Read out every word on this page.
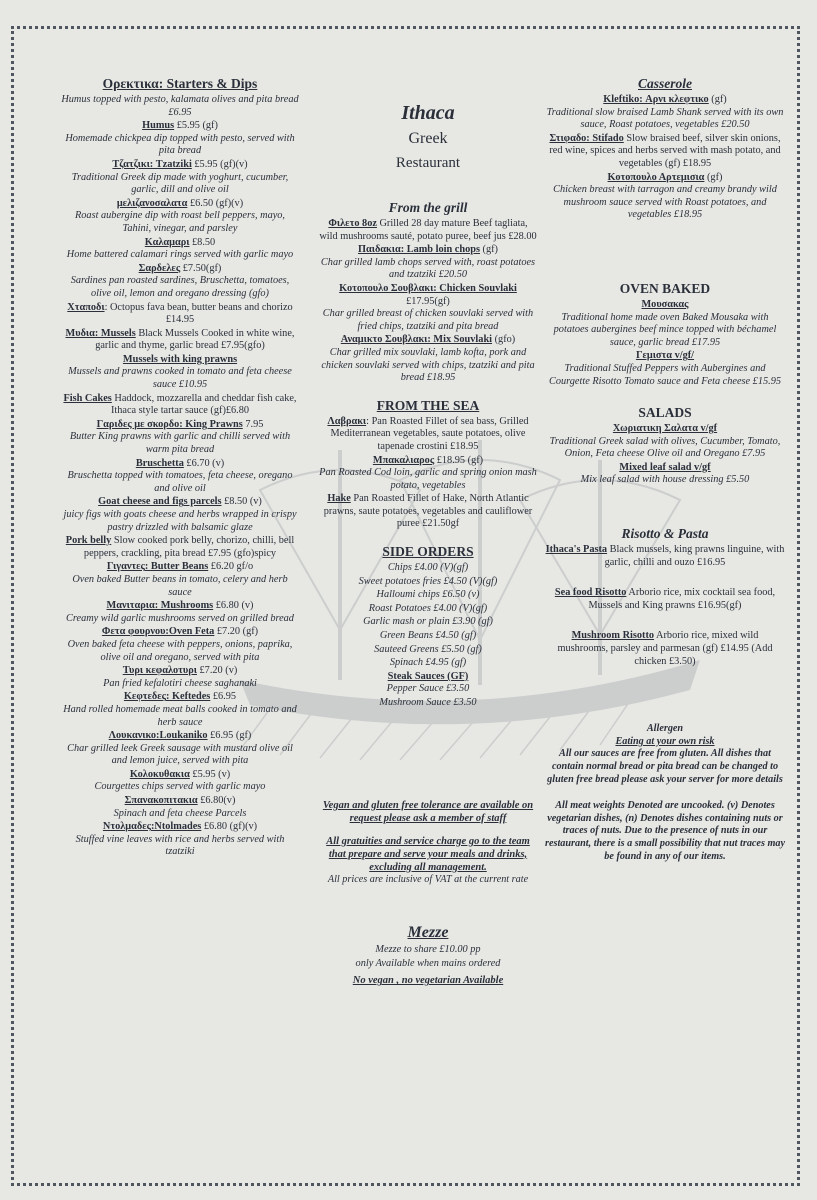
Ορεκτικα: Starters & Dips
Humus topped with pesto, kalamata olives and pita bread £6.95
Humus £5.95 (gf)
Homemade chickpea dip topped with pesto, served with pita bread
Τζατζικι: Tzatziki £5.95 (gf)(v)
Traditional Greek dip made with yoghurt, cucumber, garlic, dill and olive oil
μελιζανοσαλατα £6.50 (gf)(v)
Roast aubergine dip with roast bell peppers, mayo, Tahini, vinegar, and parsley
Καλαμαρι £8.50
Home battered calamari rings served with garlic mayo
Σαρδελες £7.50(gf)
Sardines pan roasted sardines, Bruschetta, tomatoes, olive oil, lemon and oregano dressing (gfo)
Χταποδι: Octopus fava bean, butter beans and chorizo £14.95
Μυδια: Mussels Black Mussels Cooked in white wine, garlic and thyme, garlic bread £7.95(gfo)
Mussels with king prawns
Mussels and prawns cooked in tomato and feta cheese sauce £10.95
Fish Cakes Haddock, mozzarella and cheddar fish cake, Ithaca style tartar sauce (gf)£6.80
Γαριδες με σκορδο: King Prawns 7.95
Butter King prawns with garlic and chilli served with warm pita bread
Bruschetta £6.70 (v)
Bruschetta topped with tomatoes, feta cheese, oregano and olive oil
Goat cheese and figs parcels £8.50 (v)
juicy figs with goats cheese and herbs wrapped in crispy pastry drizzled with balsamic glaze
Pork belly Slow cooked pork belly, chorizo, chilli, bell peppers, crackling, pita bread £7.95 (gfo)spicy
Γιγαντες: Butter Beans £6.20 gf/o
Oven baked Butter beans in tomato, celery and herb sauce
Μανιταρια: Mushrooms £6.80 (v)
Creamy wild garlic mushrooms served on grilled bread
Φετα φουρνου:Oven Feta £7.20 (gf)
Oven baked feta cheese with peppers, onions, paprika, olive oil and oregano, served with pita
Τυρι κεφαλοτυρι £7.20 (v)
Pan fried kefalotiri cheese saghanaki
Κεφτεδες: Keftedes £6.95
Hand rolled homemade meat balls cooked in tomato and herb sauce
Λουκανικο:Loukaniko £6.95 (gf)
Char grilled leek Greek sausage with mustard olive oil and lemon juice, served with pita
Κολοκυθακια £5.95 (v)
Courgettes chips served with garlic mayo
Σπανακοπιτακια £6.80(v)
Spinach and feta cheese Parcels
Ντολμαδες:Ntolmades £6.80 (gf)(v)
Stuffed vine leaves with rice and herbs served with tzatziki
Ithaca
Greek
Restaurant
From the grill
Φιλετο 8oz Grilled 28 day mature Beef tagliata, wild mushrooms sauté, potato puree, beef jus £28.00
Παιδακια: Lamb loin chops (gf)
Char grilled lamb chops served with, roast potatoes and tzatziki £20.50
Κοτοπουλο Σουβλακι: Chicken Souvlaki £17.95(gf)
Char grilled breast of chicken souvlaki served with fried chips, tzatziki and pita bread
Αναμικτο Σουβλακι: Mix Souvlaki (gfo)
Char grilled mix souvlaki, lamb kofta, pork and chicken souvlaki served with chips, tzatziki and pita bread £18.95
FROM THE SEA
Λαβρακι: Pan Roasted Fillet of sea bass, Grilled Mediterranean vegetables, saute potatoes, olive tapenade crostini £18.95
Μπακαλιαρος £18.95 (gf)
Pan Roasted Cod loin, garlic and spring onion mash potato, vegetables
Hake Pan Roasted Fillet of Hake, North Atlantic prawns, saute potatoes, vegetables and cauliflower puree £21.50gf
SIDE ORDERS
Chips £4.00 (V)(gf)
Sweet potatoes fries £4.50 (V)(gf)
Halloumi chips £6.50 (v)
Roast Potatoes £4.00 (V)(gf)
Garlic mash or plain £3.90 (gf)
Green Beans £4.50 (gf)
Sauteed Greens £5.50 (gf)
Spinach £4.95 (gf)
Steak Sauces (GF)
Pepper Sauce £3.50
Mushroom Sauce £3.50
Vegan and gluten free tolerance are available on request please ask a member of staff
All gratuities and service charge go to the team that prepare and serve your meals and drinks, excluding all management.
All prices are inclusive of VAT at the current rate
Mezze
Mezze to share £10.00 pp
only Available when mains ordered
No vegan , no vegetarian Available
Casserole
Kleftiko: Αρνι κλεφτικο (gf)
Traditional slow braised Lamb Shank served with its own sauce, Roast potatoes, vegetables £20.50
Στιφαδο: Stifado Slow braised beef, silver skin onions, red wine, spices and herbs served with mash potato, and vegetables (gf) £18.95
Κοτοπουλο Αρτεμισια (gf)
Chicken breast with tarragon and creamy brandy wild mushroom sauce served with Roast potatoes, and vegetables £18.95
OVEN BAKED
Μουσακας
Traditional home made oven Baked Mousaka with potatoes aubergines beef mince topped with béchamel sauce, garlic bread £17.95
Γεμιστα v/gf/
Traditional Stuffed Peppers with Aubergines and Courgette Risotto Tomato sauce and Feta cheese £15.95
SALADS
Χωριατικη Σαλατα v/gf
Traditional Greek salad with olives, Cucumber, Tomato, Onion, Feta cheese Olive oil and Oregano £7.95
Mixed leaf salad v/gf
Mix leaf salad with house dressing £5.50
Risotto & Pasta
Ithaca's Pasta Black mussels, king prawns linguine, with garlic, chilli and ouzo £16.95
Sea food Risotto Arborio rice, mix cocktail sea food, Mussels and King prawns £16.95(gf)
Mushroom Risotto Arborio rice, mixed wild mushrooms, parsley and parmesan (gf) £14.95 (Add chicken £3.50)
Allergen
Eating at your own risk
All our sauces are free from gluten. All dishes that contain normal bread or pita bread can be changed to gluten free bread please ask your server for more details
All meat weights Denoted are uncooked. (v) Denotes vegetarian dishes, (n) Denotes dishes containing nuts or traces of nuts. Due to the presence of nuts in our restaurant, there is a small possibility that nut traces may be found in any of our items.
